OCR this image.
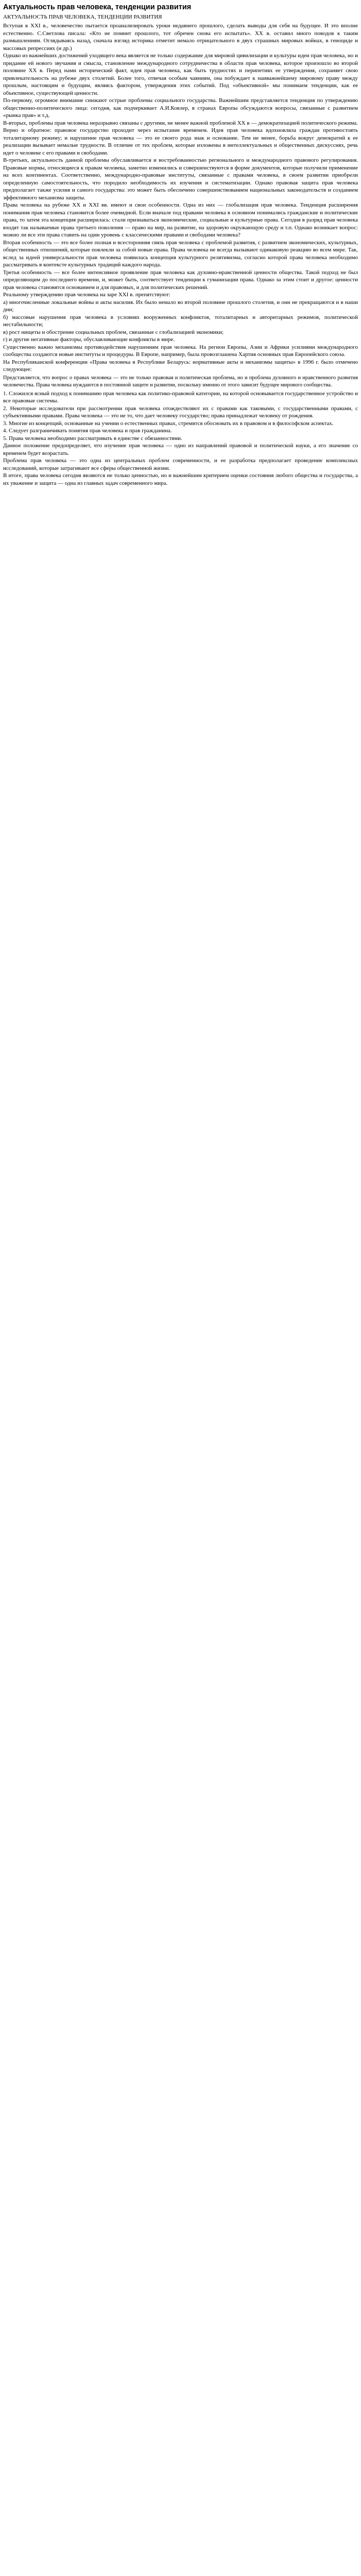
Актуальность прав человека, тенденции развития
АКТУАЛЬНОСТЬ ПРАВ ЧЕЛОВЕКА, ТЕНДЕНЦИИ РАЗВИТИЯ

Вступая в XXI в., человечество пытается проанализировать уроки недавнего прошлого, сделать выводы для себя на будущее. И это вполне естественно. С.Светлова писала: «Кто не помнит прошлого, тот обречен снова его испытать». XX в. оставил много поводов к таким размышлениям. Оглядываясь назад, сначала взгляд историка отметит немало отрицательного в двух страшных мировых войнах, в геноциде и массовых репрессиях (и др.)

Однако из важнейших достижений уходящего века является не только содержание для мировой цивилизации и культуры идеи прав человека, но и придание ей нового звучания и смысла, становление международного сотрудничества в области прав человека, которое произошло во второй половине XX в. Перед нами исторический факт, идея прав человека, как быть трудностях и перипетиях ее утверждения, сохраняет свою привлекательность на рубеже двух столетий. Более того, отвечая особым чаяниям, она побуждает к наиважнейшему мировому праву между прошлым, настоящим и будущим, являясь фактором, утверждения этих событий. Под «объективной» мы понимаем тенденции, как ее объективное, существующей ценности.

По-первому, огромное внимание снижают острые проблемы социального государства. Важнейшим представляется тенденция по утверждению общественно-политического лица: сегодня, как подчеркивает А.И.Ковлер, в странах Европы обсуждаются вопросы, связанные с развитием «рынка прав» и т.д.

В-вторых, проблемы прав человека неразрывно связаны с другими, не менее важной проблемой XX в — демократизацией политического режима. Верно и обратное: правовое государство проходит через испытание временем. Идея прав человека вдохновляла граждан противостоять тоталитарному режиму; и нарушение прав человека — это ее своего рода знак и основание. Тем не менее, борьба вокруг демократий к ее реализации вызывает немалые трудности. В отличие от тех проблем, которые изложены в интеллектуальных и общественных дискуссиях, речь идет о человеке с его правами и свободами.

В-третьих, актуальность данной проблемы обуславливается и востребованностью регионального и международного правового регулирования. Правовые нормы, относящиеся к правам человека, заметно изменились и совершенствуются в форме документов, которые получили применение на всех континентах. Соответственно, международно-правовые институты, связанные с правами человека, в своем развитии приобрели определенную самостоятельность, что породило необходимость их изучения и систематизации. Однако правовая защита прав человека предполагает также усилия и самого государства: это может быть обеспечено совершенствованием национальных законодательств и созданием эффективного механизма защиты.

Права человека на рубеже XX и XXI вв. имеют и свои особенности. Одна из них — глобализация прав человека. Тенденция расширения понимания прав человека становится более очевидной. Если вначале под правами человека в основном понимались гражданские и политические права, то затем эта концепция расширилась: стали признаваться экономические, социальные и культурные права. Сегодня в разряд прав человека входят так называемые права третьего поколения — право на мир, на развитие, на здоровую окружающую среду и т.п. Однако возникает вопрос: можно ли все эти права ставить на один уровень с классическими правами и свободами человека?

Вторая особенность — это все более полная и всесторонняя связь прав человека с проблемой развития, с развитием экономических, культурных, общественных отношений, которые повлекли за собой новые права. Права человека не всегда вызывают одинаковую реакцию во всем мире. Так, вслед за идеей универсальности прав человека появилась концепция культурного релятивизма, согласно которой права человека необходимо рассматривать в контексте культурных традиций каждого народа.

Третья особенность — все более интенсивное проявление прав человека как духовно-нравственной ценности общества. Такой подход не был определяющим до последнего времени, и, может быть, соответствует тенденции к гуманизации права. Однако за этим стоит и другое: ценности прав человека становятся основанием и для правовых, и для политических решений.

Реальному утверждению прав человека на заре XXI в. препятствуют:

а) многочисленные локальные войны и акты насилия. Их было немало во второй половине прошлого столетия, и они не прекращаются и в наши дни;

б) массовые нарушения прав человека в условиях вооруженных конфликтов, тоталитарных и авторитарных режимов, политической нестабильности;

в) рост нищеты и обострение социальных проблем, связанные с глобализацией экономики;

г) и другие негативные факторы, обуславливающие конфликты в мире.

Существенно важно механизмы противодействия нарушениям прав человека. На регион Европы, Азии и Африки усилиями международного сообщества создаются новые институты и процедуры. В Европе, например, была провозглашена Хартия основных прав Европейского союза.

На Республиканской конференции «Права человека в Республике Беларусь: нормативные акты и механизмы защиты» в 1996 г. было отмечено следующее:

Представляется, что вопрос о правах человека — это не только правовая и политическая проблема, но и проблема духовного и нравственного развития человечества. Права человека нуждаются в постоянной защите и развитии, поскольку именно от этого зависит будущее мирового сообщества.

1. Сложился ясный подход к пониманию прав человека как политико-правовой категории, на которой основывается государственное устройство и все правовые системы.

2. Некоторые исследователи при рассмотрении прав человека отождествляют их с правами как таковыми, с государственными правами, с субъективными правами. Права человека — это не то, что дает человеку государство; права принадлежат человеку от рождения.

3. Многие из концепций, основанные на учении о естественных правах, стремятся обосновать их в правовом и в философском аспектах.

4. Следует разграничивать понятия прав человека и прав гражданина.

5. Права человека необходимо рассматривать в единстве с обязанностями.

Данное положение предопределяет, что изучение прав человека — одно из направлений правовой и политической науки, а его значение со временем будет возрастать.

Проблема прав человека — это одна из центральных проблем современности, и ее разработка предполагает проведение комплексных исследований, которые затрагивают все сферы общественной жизни.

В итоге, права человека сегодня являются не только ценностью, но и важнейшим критерием оценки состояния любого общества и государства, а их уважение и защита — одна из главных задач современного мира.
